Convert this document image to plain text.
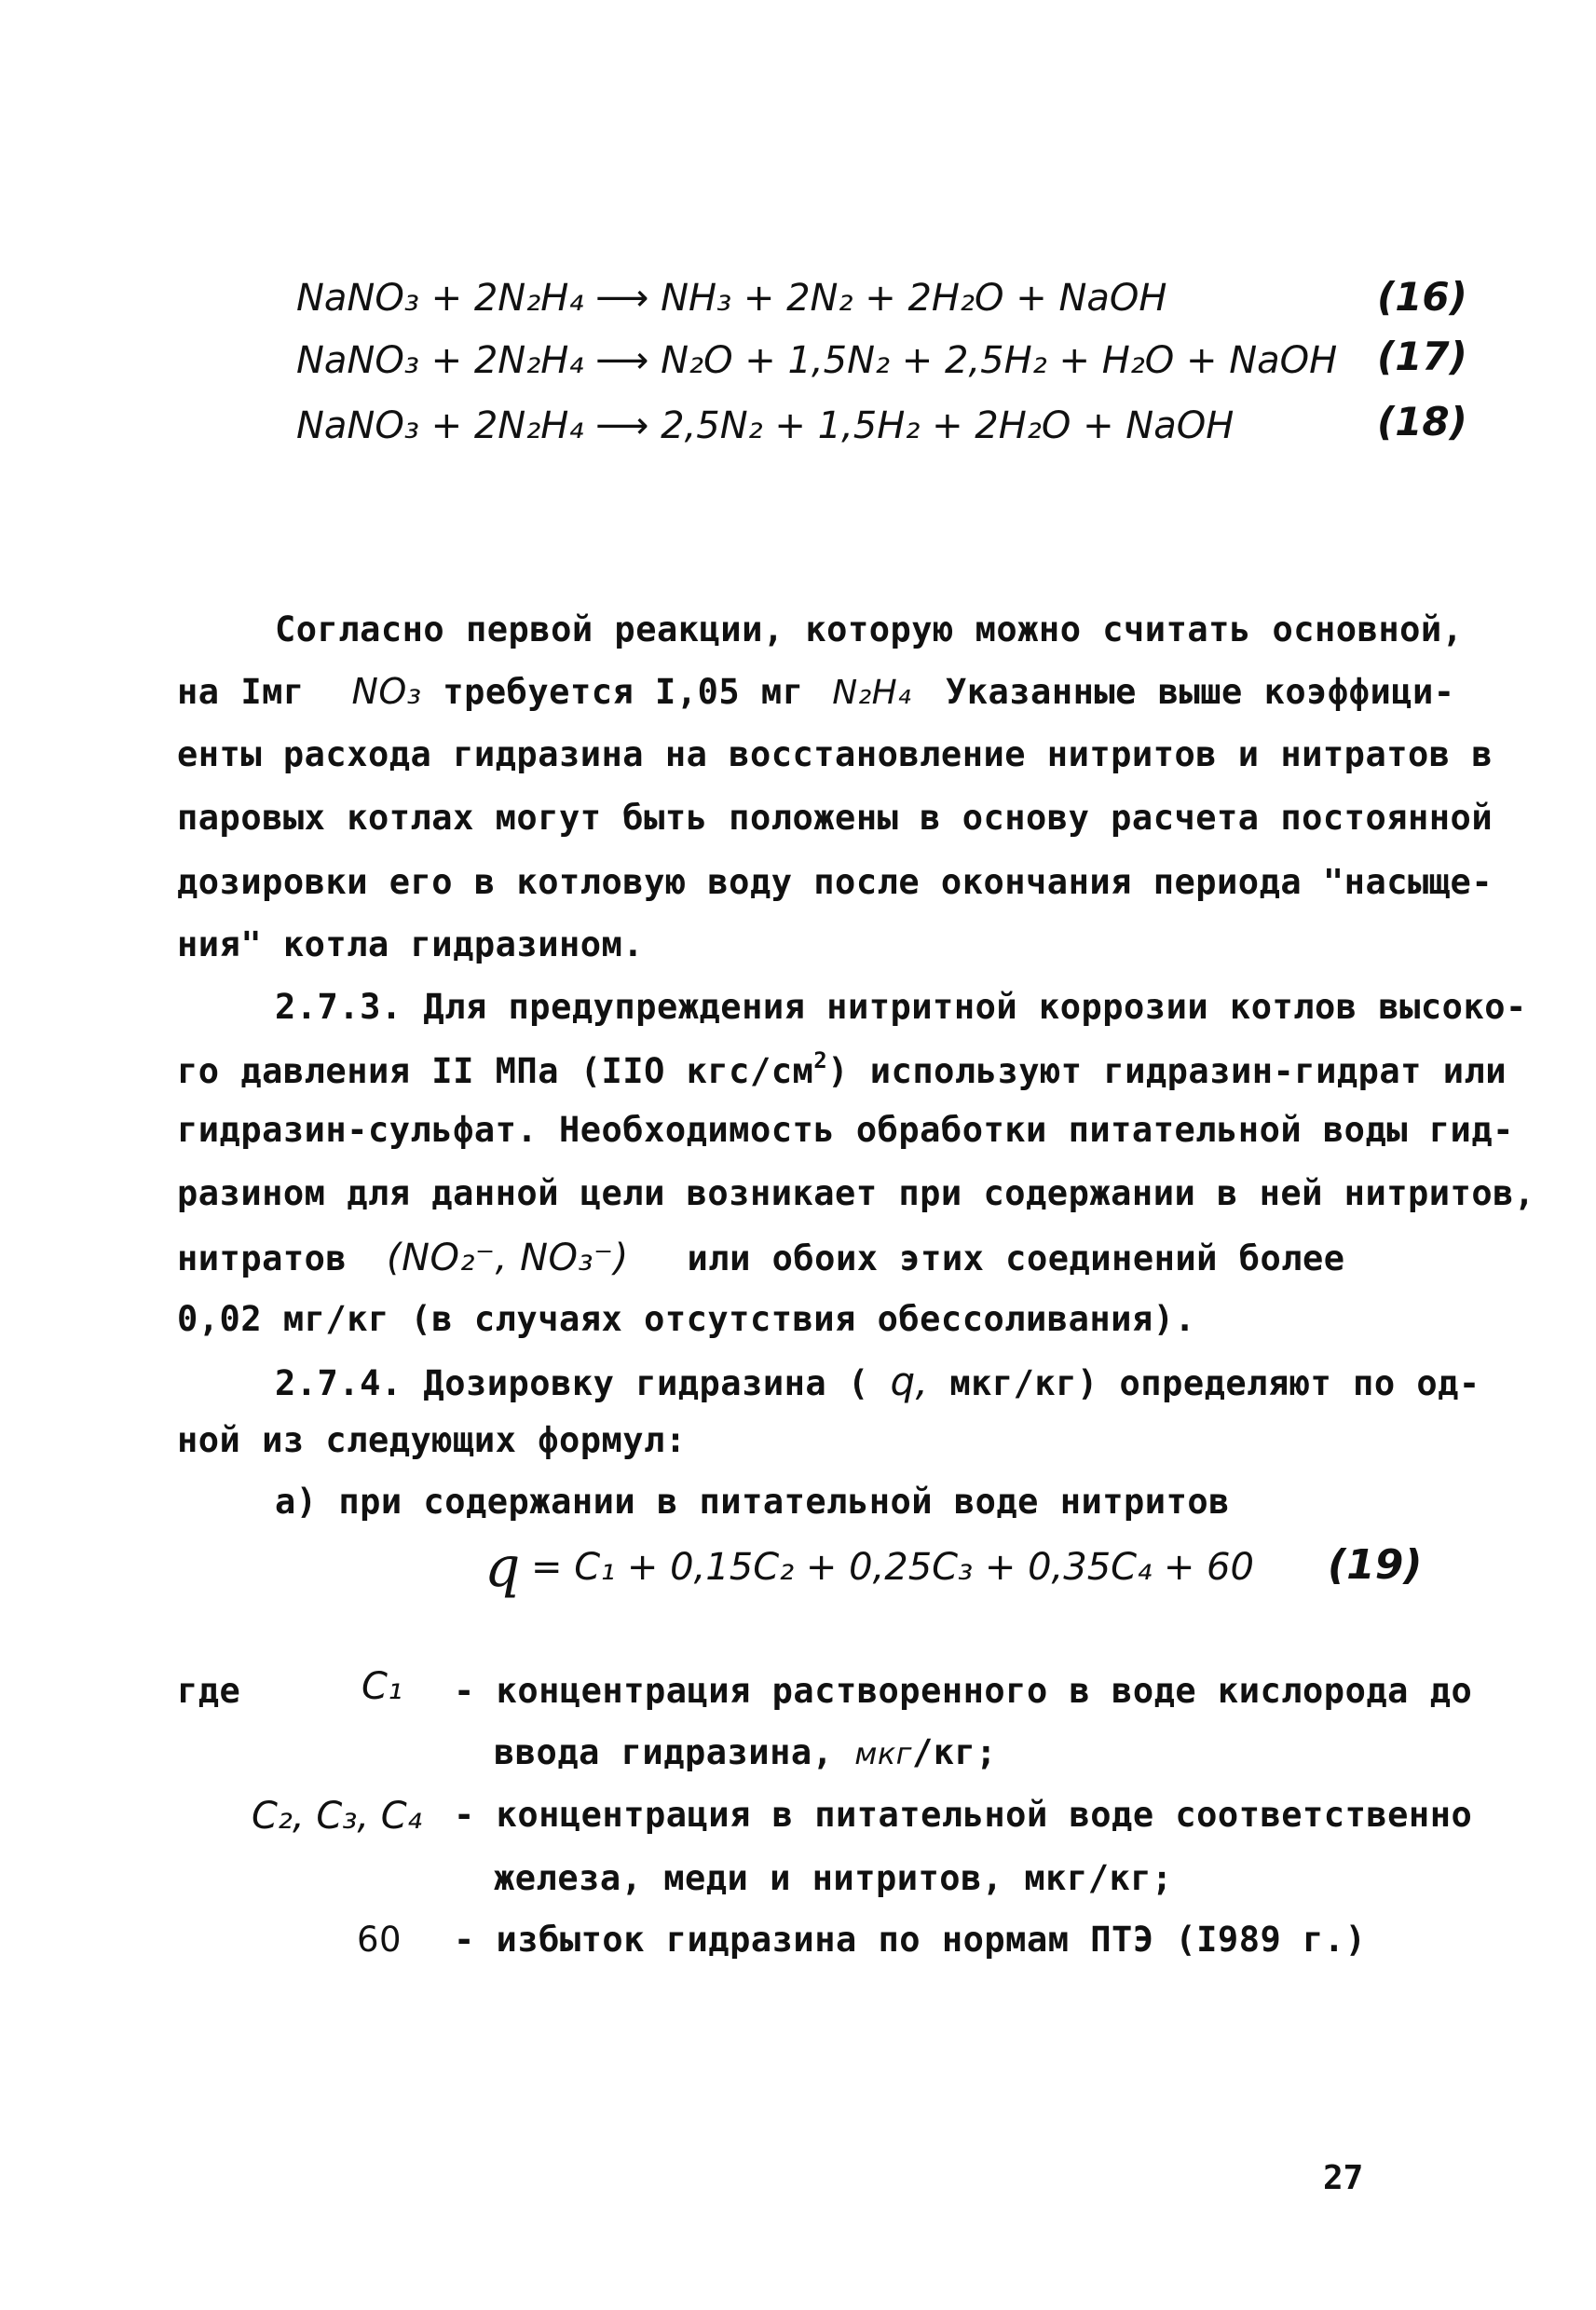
NaNO₃ + 2N₂H₄ ⟶ NH₃ + 2N₂ + 2H₂O + NaOH	(16)
NaNO₃ + 2N₂H₄ ⟶ N₂O + 1,5N₂ + 2,5H₂ + H₂O + NaOH (17)
NaNO₃ + 2N₂H₄ ⟶ 2,5N₂ + 1,5H₂ + 2H₂O + NaOH	(18)
Согласно первой реакции, которую можно считать основной,
на Iмг NO₃ требуется I,05 мг N₂H₄ Указанные выше коэффици-
енты расхода гидразина на восстановление нитритов и нитратов в
паровых котлах могут быть положены в основу расчета постоянной
дозировки его в котловую воду после окончания периода "насыще-
ния" котла гидразином.
2.7.3. Для предупреждения нитритной коррозии котлов высоко-
го давления II МПа (IIO кгс/$см^2$) используют гидразин-гидрат или
гидразин-сульфат. Необходимость обработки питательной воды гид-
разином для данной цели возникает при содержании в ней нитритов,
нитратов (NO₂⁻, NO₃⁻) или обоих этих соединений более
0,02 мг/кг (в случаях отсутствия обессоливания).
2.7.4. Дозировку гидразина ( q, мкг/кг) определяют по од-
ной из следующих формул:
а) при содержании в питательной воде нитритов
q = C₁ + 0,15C₂ + 0,25C₃ + 0,35C₄ + 60 (19)
где	C₁ - концентрация растворенного в воде кислорода до
ввода гидразина, мкг/кг;
C₂, C₃, C₄ - концентрация в питательной воде соответственно
железа, меди и нитритов, мкг/кг;
60 - избыток гидразина по нормам ПТЭ (I989 г.)
27
